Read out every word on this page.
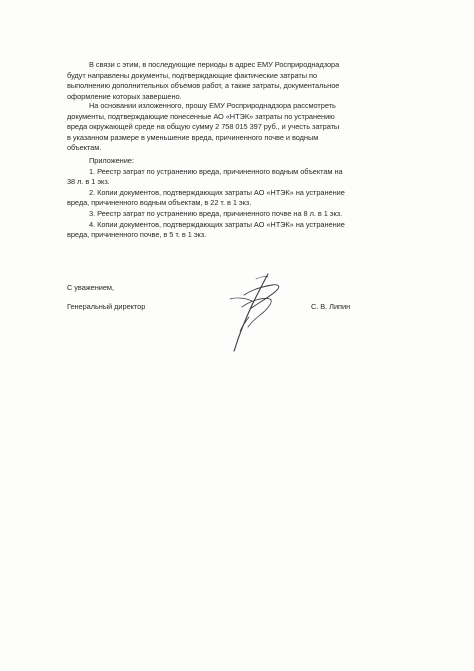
В связи с этим, в последующие периоды в адрес ЕМУ Росприроднадзора
будут направлены документы, подтверждающие фактические затраты по
выполнению дополнительных объемов работ, а также затраты, документальное
оформление которых завершено.
На основании изложенного, прошу ЕМУ Росприроднадзора рассмотреть
документы, подтверждающие понесенные АО «НТЭК» затраты по устранению
вреда окружающей среде на общую сумму 2 758 015 397 руб., и учесть затраты
в указанном размере в уменьшение вреда, причиненного почве и водным
объектам.
Приложение:
1. Реестр затрат по устранению вреда, причиненного водным объектам на
38 л. в 1 экз.
2. Копии документов, подтверждающих затраты АО «НТЭК» на устранение
вреда, причиненного водным объектам, в 22 т. в 1 экз.
3. Реестр затрат по устранению вреда, причиненного почве на 8 л. в 1 экз.
4. Копии документов, подтверждающих затраты АО «НТЭК» на устранение
вреда, причиненного почве, в 5 т. в 1 экз.
С уважением,
Генеральный директор	С. В. Липин
